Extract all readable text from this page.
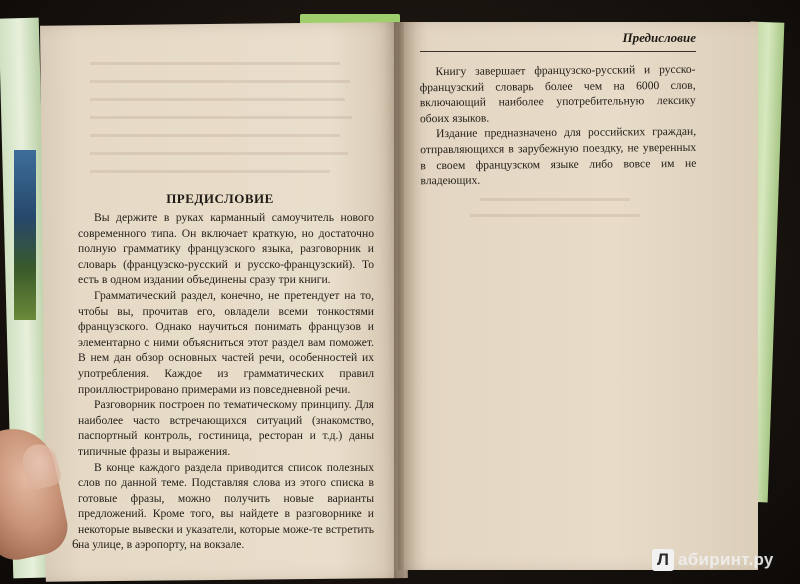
ПРЕДИСЛОВИЕ

Вы держите в руках карманный самоучитель нового современного типа. Он включает краткую, но достаточно полную грамматику французского языка, разговорник и словарь (французско-русский и русско-французский). То есть в одном издании объединены сразу три книги.

Грамматический раздел, конечно, не претендует на то, чтобы вы, прочитав его, овладели всеми тонкостями французского. Однако научиться понимать французов и элементарно с ними объясниться этот раздел вам поможет. В нем дан обзор основных частей речи, особенностей их употребления. Каждое из грамматических правил проиллюстрировано примерами из повседневной речи.

Разговорник построен по тематическому принципу. Для наиболее часто встречающихся ситуаций (знакомство, паспортный контроль, гостиница, ресторан и т.д.) даны типичные фразы и выражения.

В конце каждого раздела приводится список полезных слов по данной теме. Подставляя слова из этого списка в готовые фразы, можно получить новые варианты предложений. Кроме того, вы найдете в разговорнике и некоторые вывески и указатели, которые може-те встретить на улице, в аэропорту, на вокзале.

6
Предисловие

Книгу завершает французско-русский и русско-французский словарь более чем на 6000 слов, включающий наиболее употребительную лексику обоих языков.

Издание предназначено для российских граждан, отправляющихся в зарубежную поездку, не уверенных в своем французском языке либо вовсе им не владеющих.

Л абиринт.ру
